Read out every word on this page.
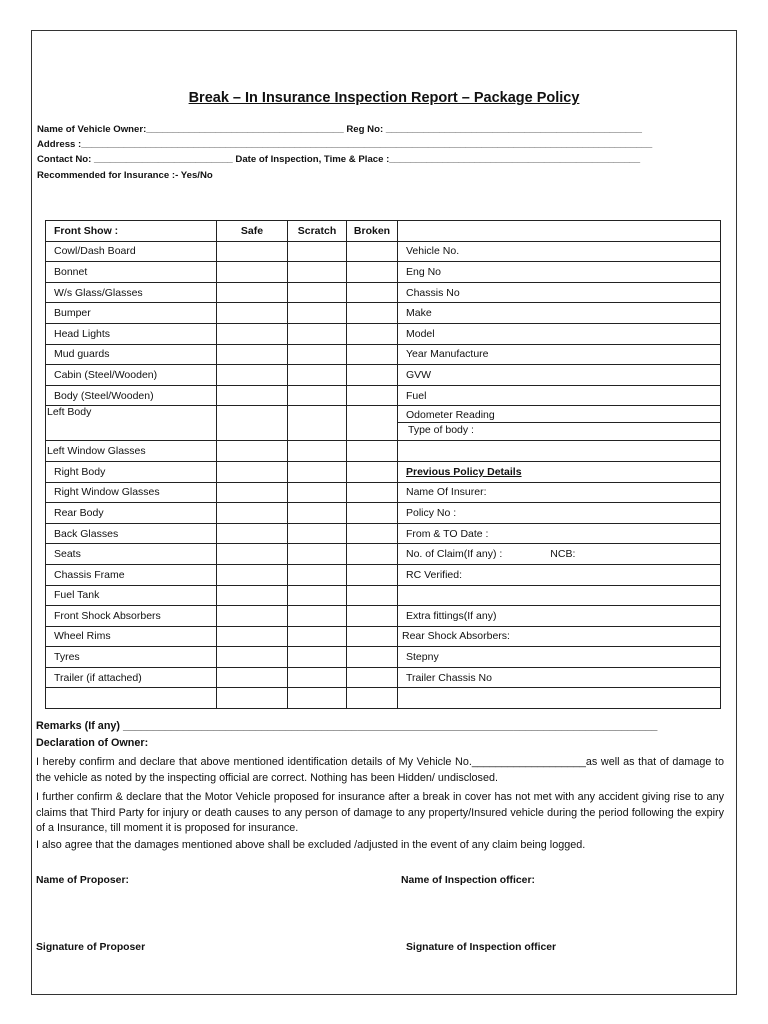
Break – In Insurance Inspection Report – Package Policy
Name of Vehicle Owner:_____________________________________ Reg No: ________________________________________________
Address :___________________________________________________________________________________________________________
Contact No: __________________________ Date of Inspection, Time & Place :_______________________________________________
Recommended for Insurance :- Yes/No
Front Show :	Safe	Scratch	Broken	
Cowl/Dash Board				Vehicle No.
Bonnet				Eng No
W/s Glass/Glasses				Chassis No
Bumper				Make
Head Lights				Model
Mud guards				Year Manufacture
Cabin (Steel/Wooden)				GVW
Body (Steel/Wooden)				Fuel
Left Body				Odometer Reading
Type of body :

Left Window Glasses				
Right Body				Previous Policy Details
Right Window Glasses				Name Of Insurer:
Rear Body				Policy No :
Back Glasses				From & TO Date :
Seats				No. of Claim(If any) : NCB:
Chassis Frame				RC Verified:
Fuel Tank				
Front Shock Absorbers				Extra fittings(If any)
Wheel Rims				Rear Shock Absorbers:
Tyres				Stepny
Trailer (if attached)				Trailer Chassis No

Remarks (If any) _________________________________________________________________________________________
Declaration of Owner:
I hereby confirm and declare that above mentioned identification details of My Vehicle No.___________________as well as that of damage to the vehicle as noted by the inspecting official are correct. Nothing has been Hidden/ undisclosed.
I further confirm & declare that the Motor Vehicle proposed for insurance after a break in cover has not met with any accident giving rise to any claims that Third Party for injury or death causes to any person of damage to any property/Insured vehicle during the period following the expiry of a Insurance, till moment it is proposed for insurance.
I also agree that the damages mentioned above shall be excluded /adjusted in the event of any claim being logged.
Name of Proposer:	Name of Inspection officer:
Signature of Proposer	Signature of Inspection officer
